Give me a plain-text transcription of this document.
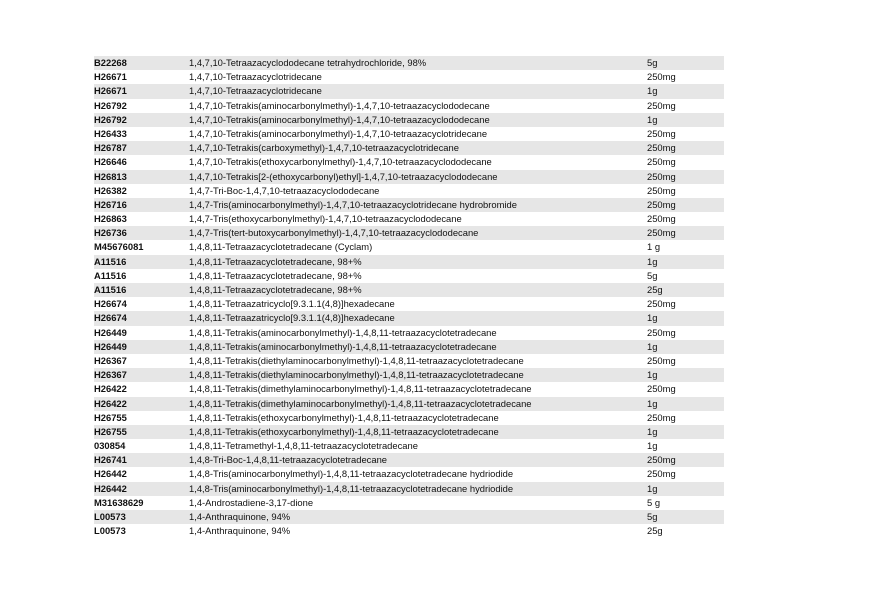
B22268	1,4,7,10-Tetraazacyclododecane tetrahydrochloride, 98%	5g
H26671	1,4,7,10-Tetraazacyclotridecane	250mg
H26671	1,4,7,10-Tetraazacyclotridecane	1g
H26792	1,4,7,10-Tetrakis(aminocarbonylmethyl)-1,4,7,10-tetraazacyclododecane	250mg
H26792	1,4,7,10-Tetrakis(aminocarbonylmethyl)-1,4,7,10-tetraazacyclododecane	1g
H26433	1,4,7,10-Tetrakis(aminocarbonylmethyl)-1,4,7,10-tetraazacyclotridecane	250mg
H26787	1,4,7,10-Tetrakis(carboxymethyl)-1,4,7,10-tetraazacyclotridecane	250mg
H26646	1,4,7,10-Tetrakis(ethoxycarbonylmethyl)-1,4,7,10-tetraazacyclododecane	250mg
H26813	1,4,7,10-Tetrakis[2-(ethoxycarbonyl)ethyl]-1,4,7,10-tetraazacyclododecane	250mg
H26382	1,4,7-Tri-Boc-1,4,7,10-tetraazacyclododecane	250mg
H26716	1,4,7-Tris(aminocarbonylmethyl)-1,4,7,10-tetraazacyclotridecane hydrobromide	250mg
H26863	1,4,7-Tris(ethoxycarbonylmethyl)-1,4,7,10-tetraazacyclododecane	250mg
H26736	1,4,7-Tris(tert-butoxycarbonylmethyl)-1,4,7,10-tetraazacyclododecane	250mg
M45676081	1,4,8,11-Tetraazacyclotetradecane (Cyclam)	1 g
A11516	1,4,8,11-Tetraazacyclotetradecane, 98+%	1g
A11516	1,4,8,11-Tetraazacyclotetradecane, 98+%	5g
A11516	1,4,8,11-Tetraazacyclotetradecane, 98+%	25g
H26674	1,4,8,11-Tetraazatricyclo[9.3.1.1(4,8)]hexadecane	250mg
H26674	1,4,8,11-Tetraazatricyclo[9.3.1.1(4,8)]hexadecane	1g
H26449	1,4,8,11-Tetrakis(aminocarbonylmethyl)-1,4,8,11-tetraazacyclotetradecane	250mg
H26449	1,4,8,11-Tetrakis(aminocarbonylmethyl)-1,4,8,11-tetraazacyclotetradecane	1g
H26367	1,4,8,11-Tetrakis(diethylaminocarbonylmethyl)-1,4,8,11-tetraazacyclotetradecane	250mg
H26367	1,4,8,11-Tetrakis(diethylaminocarbonylmethyl)-1,4,8,11-tetraazacyclotetradecane	1g
H26422	1,4,8,11-Tetrakis(dimethylaminocarbonylmethyl)-1,4,8,11-tetraazacyclotetradecane	250mg
H26422	1,4,8,11-Tetrakis(dimethylaminocarbonylmethyl)-1,4,8,11-tetraazacyclotetradecane	1g
H26755	1,4,8,11-Tetrakis(ethoxycarbonylmethyl)-1,4,8,11-tetraazacyclotetradecane	250mg
H26755	1,4,8,11-Tetrakis(ethoxycarbonylmethyl)-1,4,8,11-tetraazacyclotetradecane	1g
030854	1,4,8,11-Tetramethyl-1,4,8,11-tetraazacyclotetradecane	1g
H26741	1,4,8-Tri-Boc-1,4,8,11-tetraazacyclotetradecane	250mg
H26442	1,4,8-Tris(aminocarbonylmethyl)-1,4,8,11-tetraazacyclotetradecane hydriodide	250mg
H26442	1,4,8-Tris(aminocarbonylmethyl)-1,4,8,11-tetraazacyclotetradecane hydriodide	1g
M31638629	1,4-Androstadiene-3,17-dione	5 g
L00573	1,4-Anthraquinone, 94%	5g
L00573	1,4-Anthraquinone, 94%	25g
